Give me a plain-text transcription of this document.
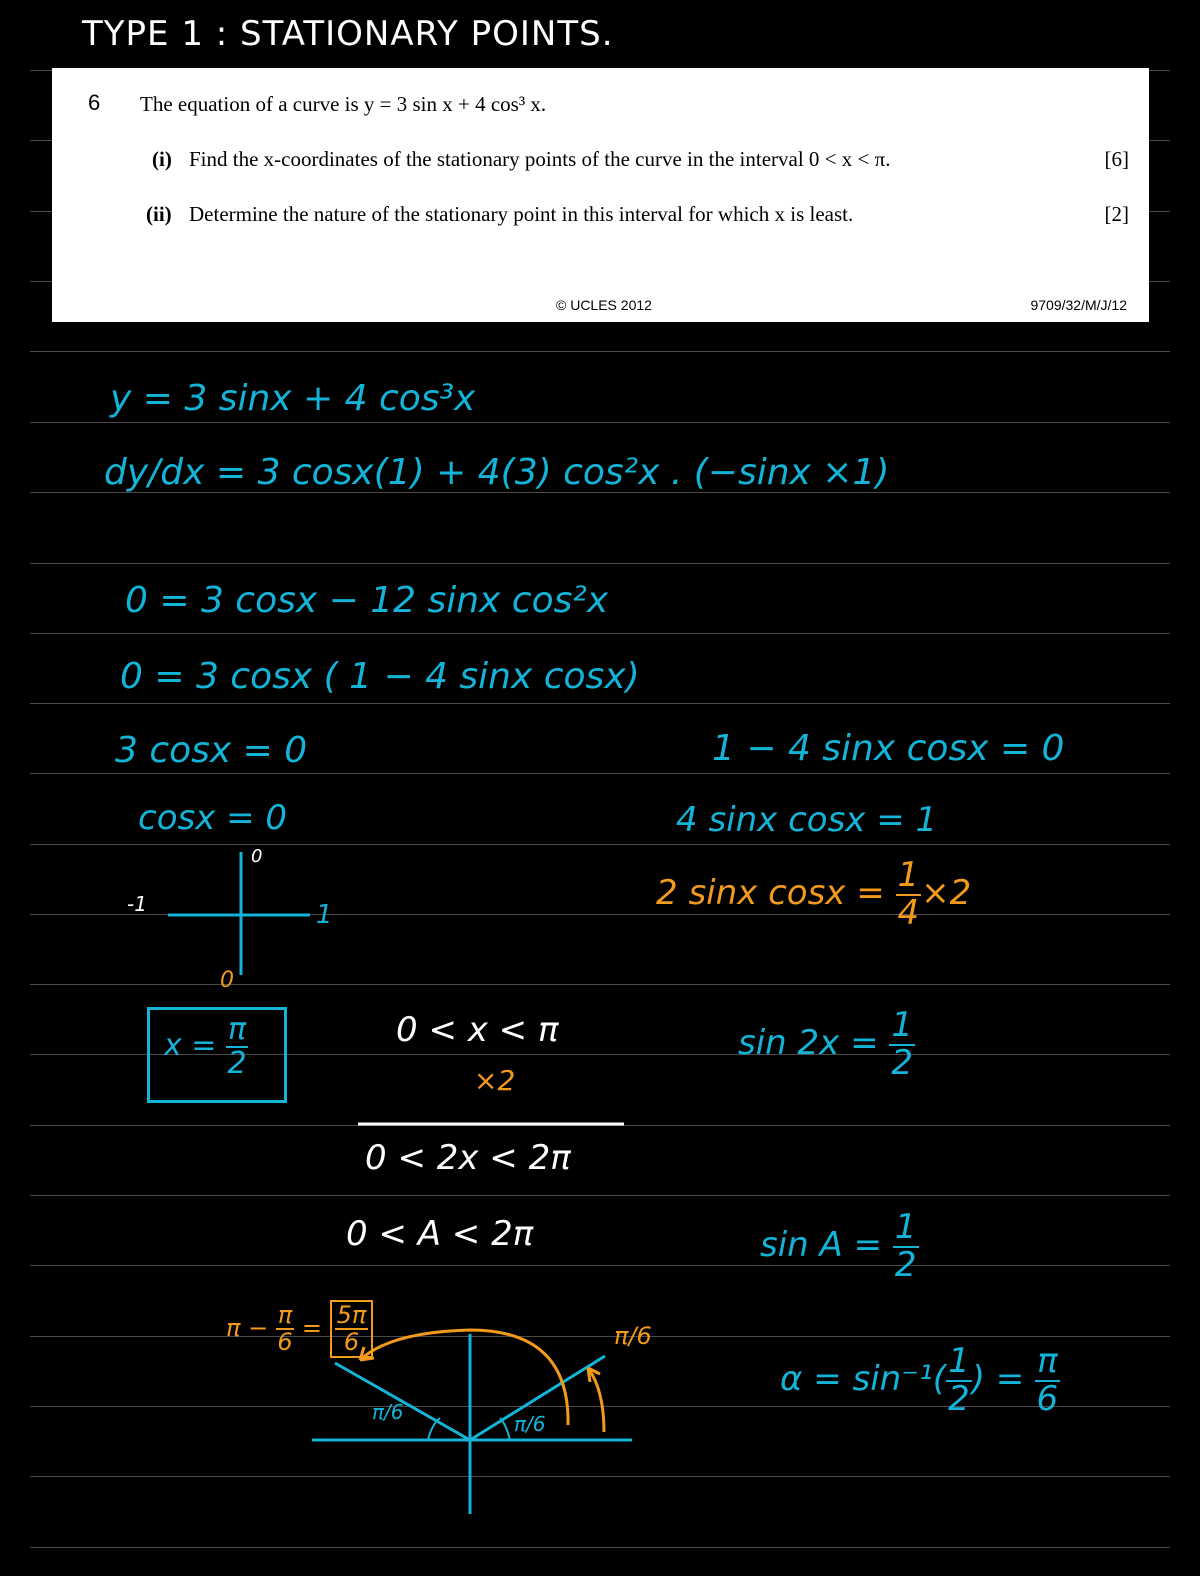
TYPE 1 : STATIONARY POINTS.
6 The equation of a curve is y = 3 sin x + 4 cos³ x.
(i) Find the x-coordinates of the stationary points of the curve in the interval 0 < x < π.	[6]
(ii) Determine the nature of the stationary point in this interval for which x is least.	[2]
© UCLES 2012	9709/32/M/J/12
y = 3 sinx + 4 cos³x
dy/dx = 3 cosx(1) + 4(3) cos²x . (−sinx ×1)
0 = 3 cosx − 12 sinx cos²x
0 = 3 cosx ( 1 − 4 sinx cosx)
3 cosx = 0	1 − 4 sinx cosx = 0
cosx = 0	4 sinx cosx = 1
2 sinx $\cos x = \frac{1}{4} \times 2$
0
-1	1
0
$x = \frac{\pi}{2}$	0 < x < π
×2
0 < 2x < 2π
0 < A < 2π
$\sin 2x = \frac{1}{2}$
$\sin A = \frac{1}{2}$
$\alpha = \sin^{-1}( \frac{1}{2}$ ) = $\frac{\pi}{6}$
$\pi - \frac{\pi}{6} = \frac{5\pi}{6}$	π/6
π/6	π/6
